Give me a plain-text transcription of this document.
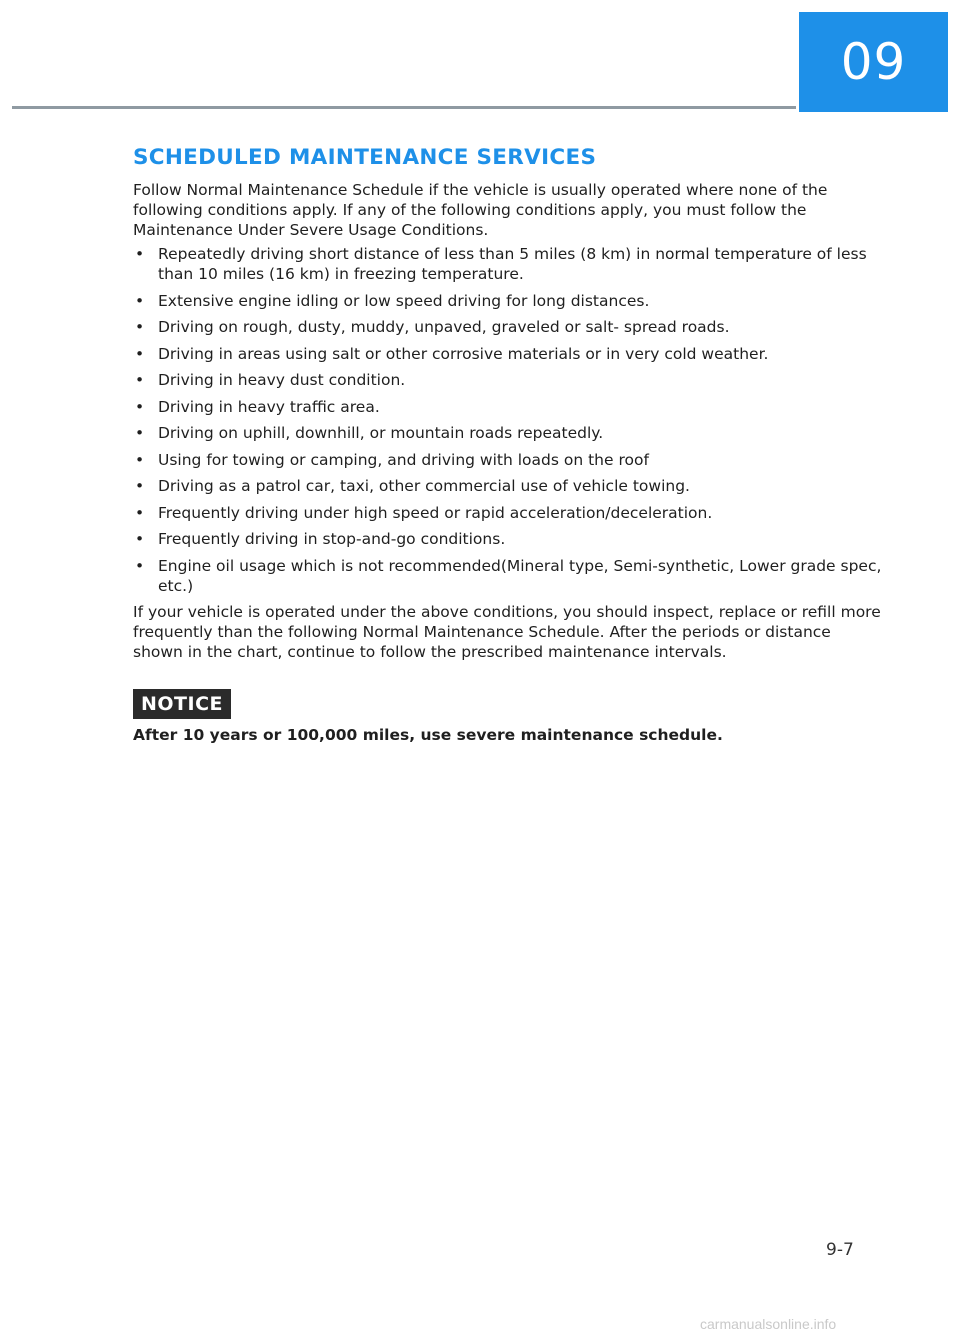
09
SCHEDULED MAINTENANCE SERVICES

Follow Normal Maintenance Schedule if the vehicle is usually operated where none of the following conditions apply. If any of the following conditions apply, you must follow the Maintenance Under Severe Usage Conditions.

• Repeatedly driving short distance of less than 5 miles (8 km) in normal temperature of less than 10 miles (16 km) in freezing temperature.
• Extensive engine idling or low speed driving for long distances.
• Driving on rough, dusty, muddy, unpaved, graveled or salt- spread roads.
• Driving in areas using salt or other corrosive materials or in very cold weather.
• Driving in heavy dust condition.
• Driving in heavy traffic area.
• Driving on uphill, downhill, or mountain roads repeatedly.
• Using for towing or camping, and driving with loads on the roof
• Driving as a patrol car, taxi, other commercial use of vehicle towing.
• Frequently driving under high speed or rapid acceleration/deceleration.
• Frequently driving in stop-and-go conditions.
• Engine oil usage which is not recommended(Mineral type, Semi-synthetic, Lower grade spec, etc.)

If your vehicle is operated under the above conditions, you should inspect, replace or refill more frequently than the following Normal Maintenance Schedule. After the periods or distance shown in the chart, continue to follow the prescribed maintenance intervals.

NOTICE
After 10 years or 100,000 miles, use severe maintenance schedule.
9-7
carmanualsonline.info
